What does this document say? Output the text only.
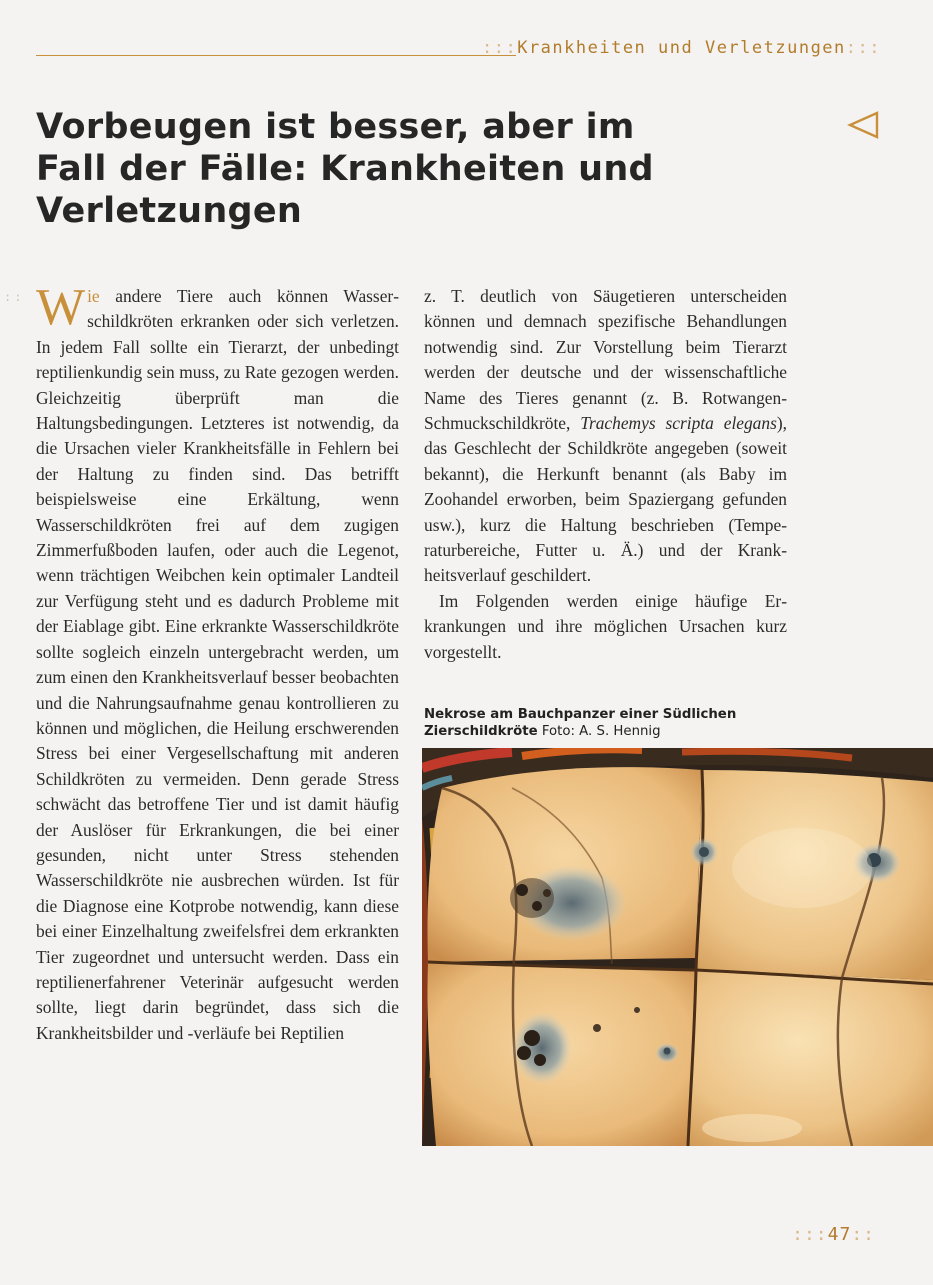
:::Krankheiten und Verletzungen:::
Vorbeugen ist besser, aber im Fall der Fälle: Krankheiten und Verletzungen
:: Wie andere Tiere auch können Wasserschildkröten erkranken oder sich verletzen. In jedem Fall sollte ein Tierarzt, der unbedingt reptilienkundig sein muss, zu Rate gezogen werden. Gleichzeitig überprüft man die Haltungsbedingungen. Letzteres ist notwendig, da die Ursachen vieler Krankheitsfälle in Fehlern bei der Haltung zu finden sind. Das betrifft beispielsweise eine Erkältung, wenn Wasserschildkröten frei auf dem zugigen Zimmerfußboden laufen, oder auch die Legenot, wenn trächtigen Weibchen kein optimaler Landteil zur Verfügung steht und es dadurch Probleme mit der Eiablage gibt. Eine erkrankte Wasserschildkröte sollte sogleich einzeln untergebracht werden, um zum einen den Krankheitsverlauf besser beobachten und die Nahrungsaufnahme genau kontrollieren zu können und möglichen, die Heilung erschwerenden Stress bei einer Vergesellschaftung mit anderen Schildkröten zu vermeiden. Denn gerade Stress schwächt das betroffene Tier und ist damit häufig der Auslöser für Erkrankungen, die bei einer gesunden, nicht unter Stress stehenden Wasserschildkröte nie ausbrechen würden. Ist für die Diagnose eine Kotprobe notwendig, kann diese bei einer Einzelhaltung zweifelsfrei dem erkrankten Tier zugeordnet und untersucht werden. Dass ein reptilienerfahrener Veterinär aufgesucht werden sollte, liegt darin begründet, dass sich die Krankheitsbilder und -verläufe bei Reptilien

z. T. deutlich von Säugetieren unterscheiden können und demnach spezifische Behandlungen notwendig sind. Zur Vorstellung beim Tierarzt werden der deutsche und der wissenschaftliche Name des Tieres genannt (z. B. Rotwangen-Schmuckschildkröte, Trachemys scripta elegans), das Geschlecht der Schildkröte angegeben (soweit bekannt), die Herkunft benannt (als Baby im Zoohandel erworben, beim Spaziergang gefunden usw.), kurz die Haltung beschrieben (Temperaturbereiche, Futter u. Ä.) und der Krankheitsverlauf geschildert.

Im Folgenden werden einige häufige Erkrankungen und ihre möglichen Ursachen kurz vorgestellt.

Nekrose am Bauchpanzer einer Südlichen Zierschildkröte Foto: A. S. Hennig
:::47::
